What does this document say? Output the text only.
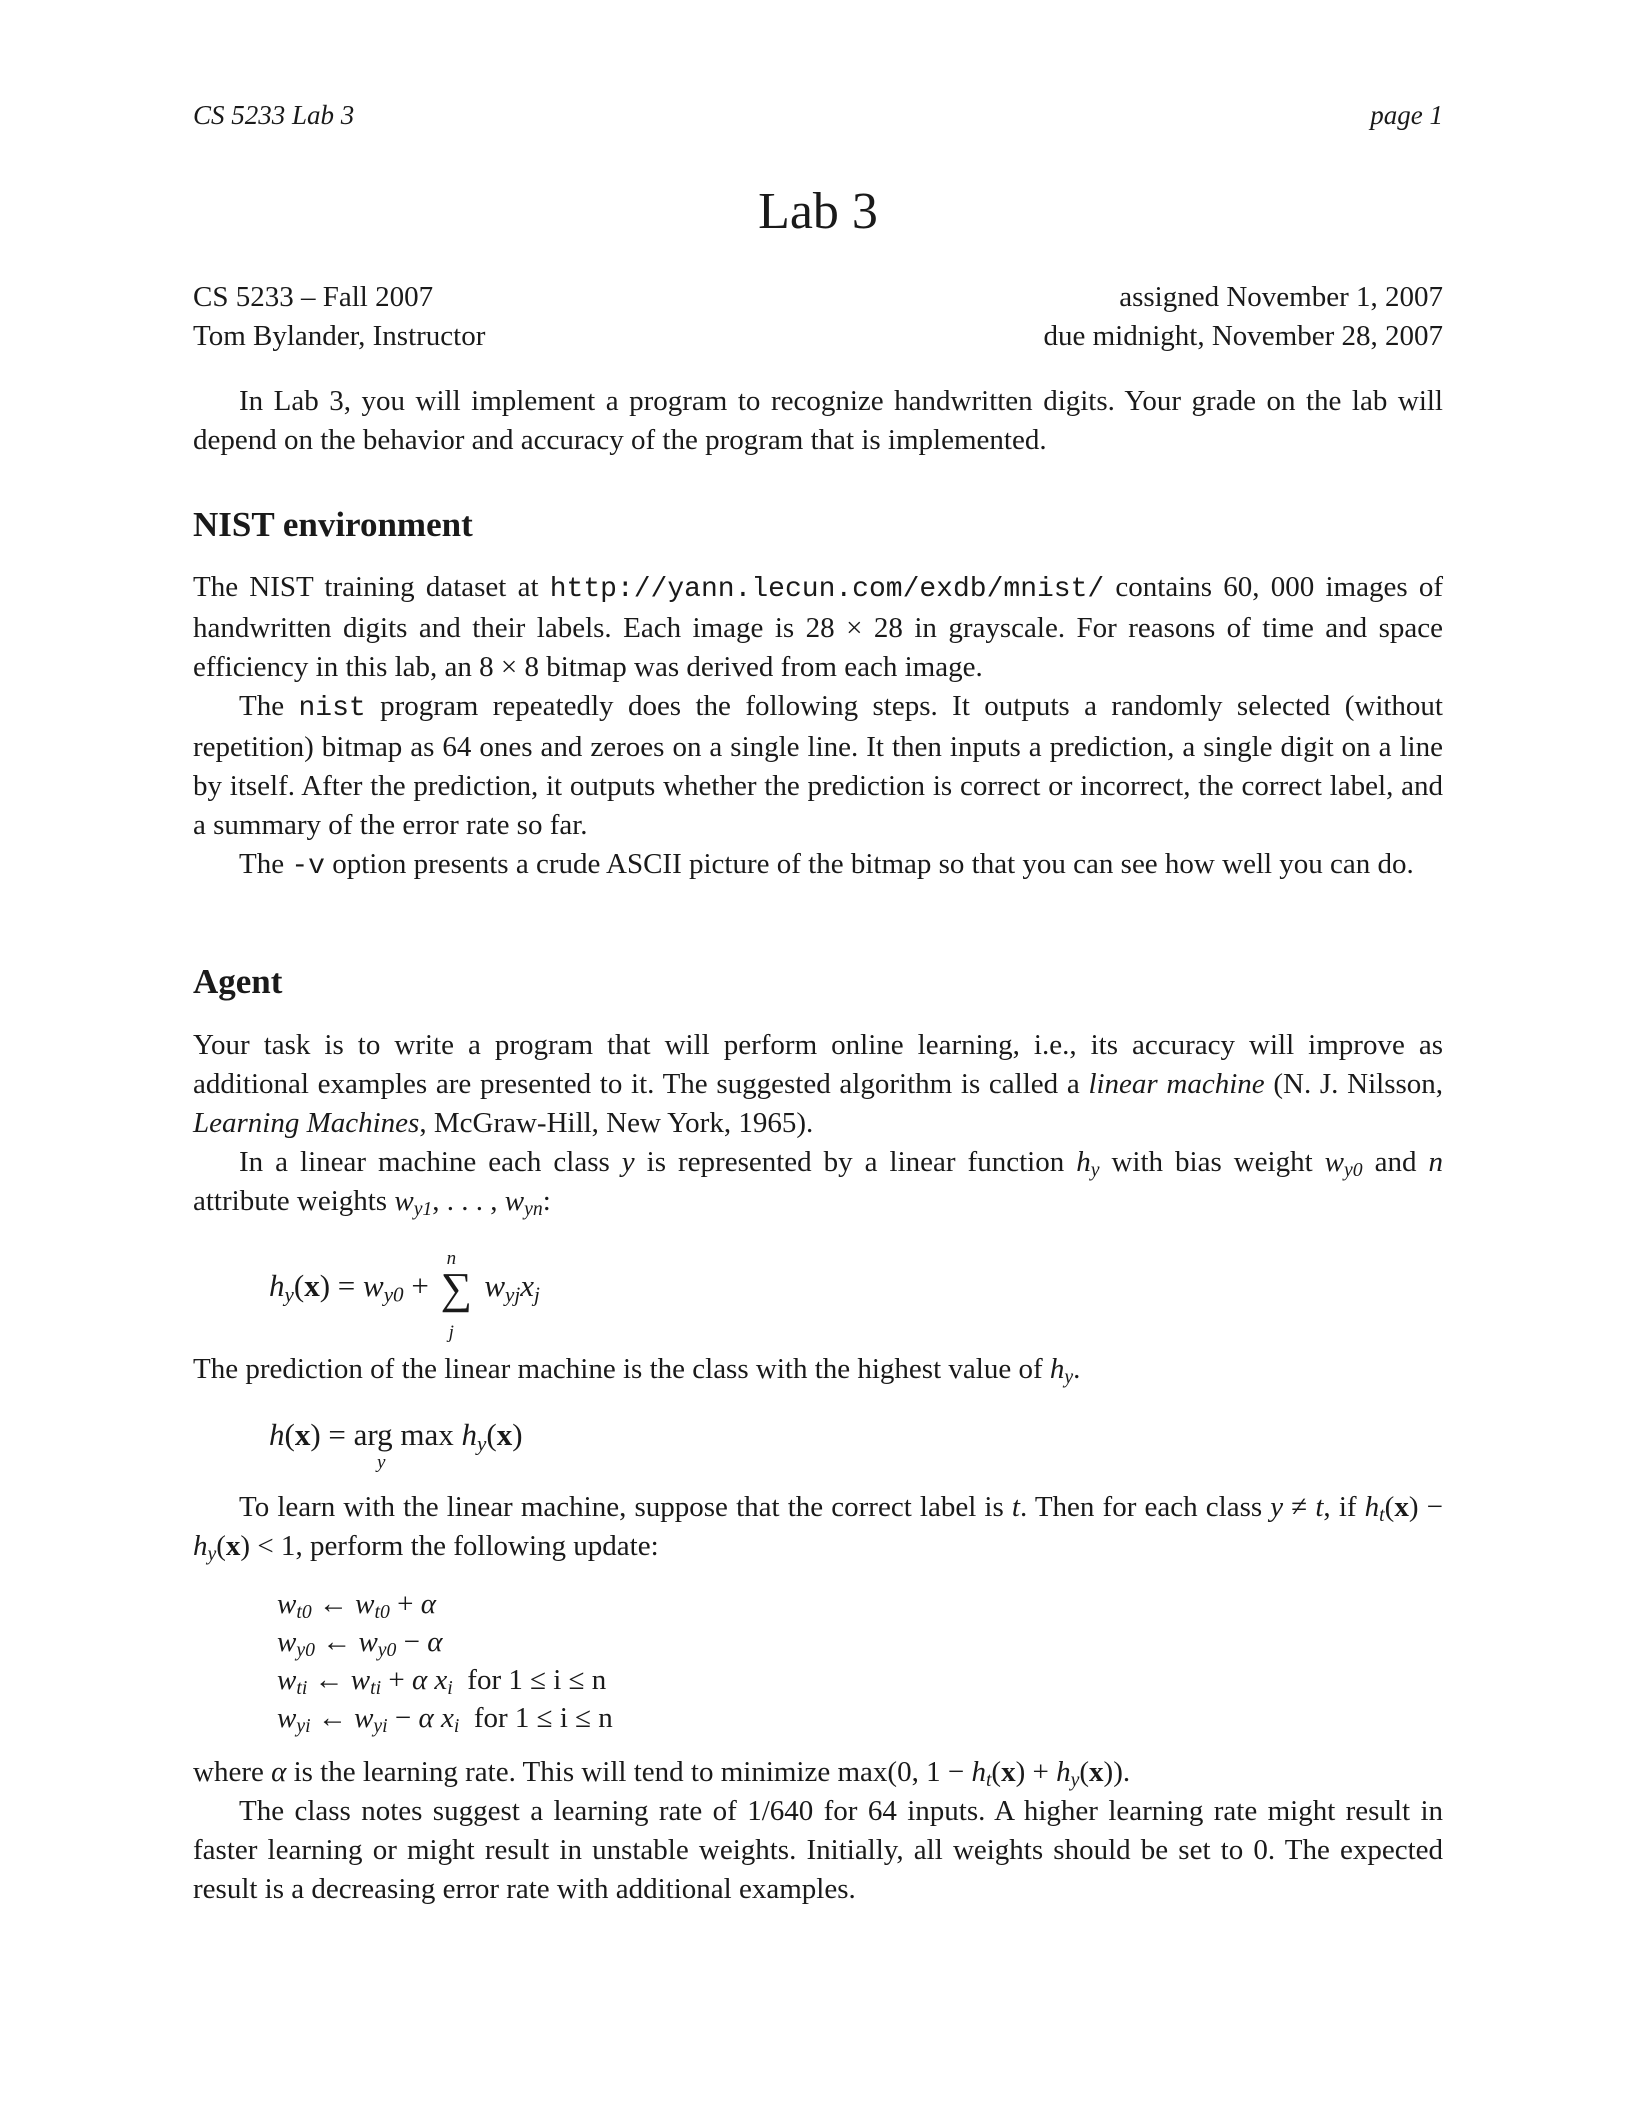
CS 5233 Lab 3	page 1
Lab 3
CS 5233 – Fall 2007	assigned November 1, 2007
Tom Bylander, Instructor	due midnight, November 28, 2007

In Lab 3, you will implement a program to recognize handwritten digits. Your grade on the lab will depend on the behavior and accuracy of the program that is implemented.

NIST environment

The NIST training dataset at http://yann.lecun.com/exdb/mnist/ contains 60, 000 images of handwritten digits and their labels. Each image is 28 × 28 in grayscale. For reasons of time and space efficiency in this lab, an 8 × 8 bitmap was derived from each image.

The nist program repeatedly does the following steps. It outputs a randomly selected (without repetition) bitmap as 64 ones and zeroes on a single line. It then inputs a prediction, a single digit on a line by itself. After the prediction, it outputs whether the prediction is correct or incorrect, the correct label, and a summary of the error rate so far.

The -v option presents a crude ASCII picture of the bitmap so that you can see how well you can do.

Agent

Your task is to write a program that will perform online learning, i.e., its accuracy will improve as additional examples are presented to it. The suggested algorithm is called a linear machine (N. J. Nilsson, Learning Machines, McGraw-Hill, New York, 1965).

In a linear machine each class y is represented by a linear function $h_y$ with bias weight $w_{y0}$ and n attribute weights $w_{y1}$, . . . , $w_{yn}$:

$h_y(x) = w_{y0}$ +
n
∑
j
$w_{yj}x_j$

The prediction of the linear machine is the class with the highest value of $h_y$.

h(x) = arg $\max h_y(x)$
y

To learn with the linear machine, suppose that the correct label is t. Then for each class y ≠ t, if $h_t(x) - h_y(x) < 1$, perform the following update:

$w_{t0}$ ← $w_{t0} + \alpha$
$w_{y0}$ ← $w_{y0} - \alpha$
$w_{ti}$ ← $w_{ti} + \alpha$ $x_i$ for 1 ≤ i ≤ n
$w_{yi}$ ← $w_{yi} - \alpha$ $x_i$ for 1 ≤ i ≤ n

where α is the learning rate. This will tend to minimize max(0, $1 - h_t(x) + h_y(x)$).

The class notes suggest a learning rate of 1/640 for 64 inputs. A higher learning rate might result in faster learning or might result in unstable weights. Initially, all weights should be set to 0. The expected result is a decreasing error rate with additional examples.
